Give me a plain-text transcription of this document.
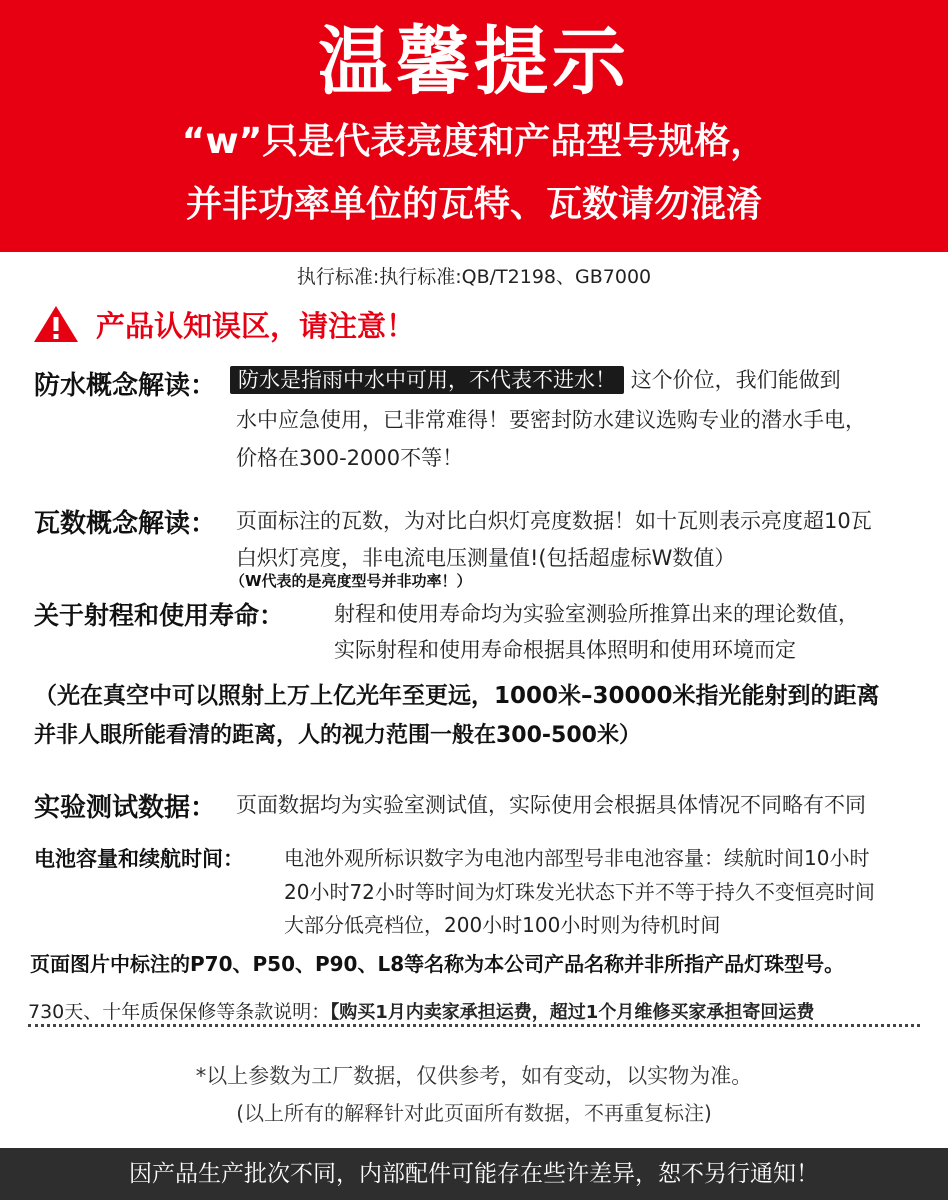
温馨提示
“w”只是代表亮度和产品型号规格，
并非功率单位的瓦特、瓦数请勿混淆
执行标准:执行标准:QB/T2198、GB7000
产品认知误区，请注意！
防水概念解读：	防水是指雨中水中可用，不代表不进水！ 这个价位，我们能做到
水中应急使用，已非常难得！要密封防水建议选购专业的潜水手电，
价格在300-2000不等！
瓦数概念解读： 页面标注的瓦数，为对比白炽灯亮度数据！如十瓦则表示亮度超10瓦
白炽灯亮度，非电流电压测量值!(包括超虚标W数值）
（W代表的是亮度型号并非功率！）
关于射程和使用寿命： 射程和使用寿命均为实验室测验所推算出来的理论数值，
实际射程和使用寿命根据具体照明和使用环境而定
（光在真空中可以照射上万上亿光年至更远，1000米–30000米指光能射到的距离
并非人眼所能看清的距离，人的视力范围一般在300-500米）
实验测试数据： 页面数据均为实验室测试值，实际使用会根据具体情况不同略有不同
电池容量和续航时间： 电池外观所标识数字为电池内部型号非电池容量：续航时间10小时
20小时72小时等时间为灯珠发光状态下并不等于持久不变恒亮时间
大部分低亮档位，200小时100小时则为待机时间
页面图片中标注的P70、P50、P90、L8等名称为本公司产品名称并非所指产品灯珠型号。
730天、十年质保保修等条款说明：【购买1月内卖家承担运费，超过1个月维修买家承担寄回运费
*以上参数为工厂数据，仅供参考，如有变动，以实物为准。
(以上所有的解释针对此页面所有数据，不再重复标注)
因产品生产批次不同，内部配件可能存在些许差异，恕不另行通知！
